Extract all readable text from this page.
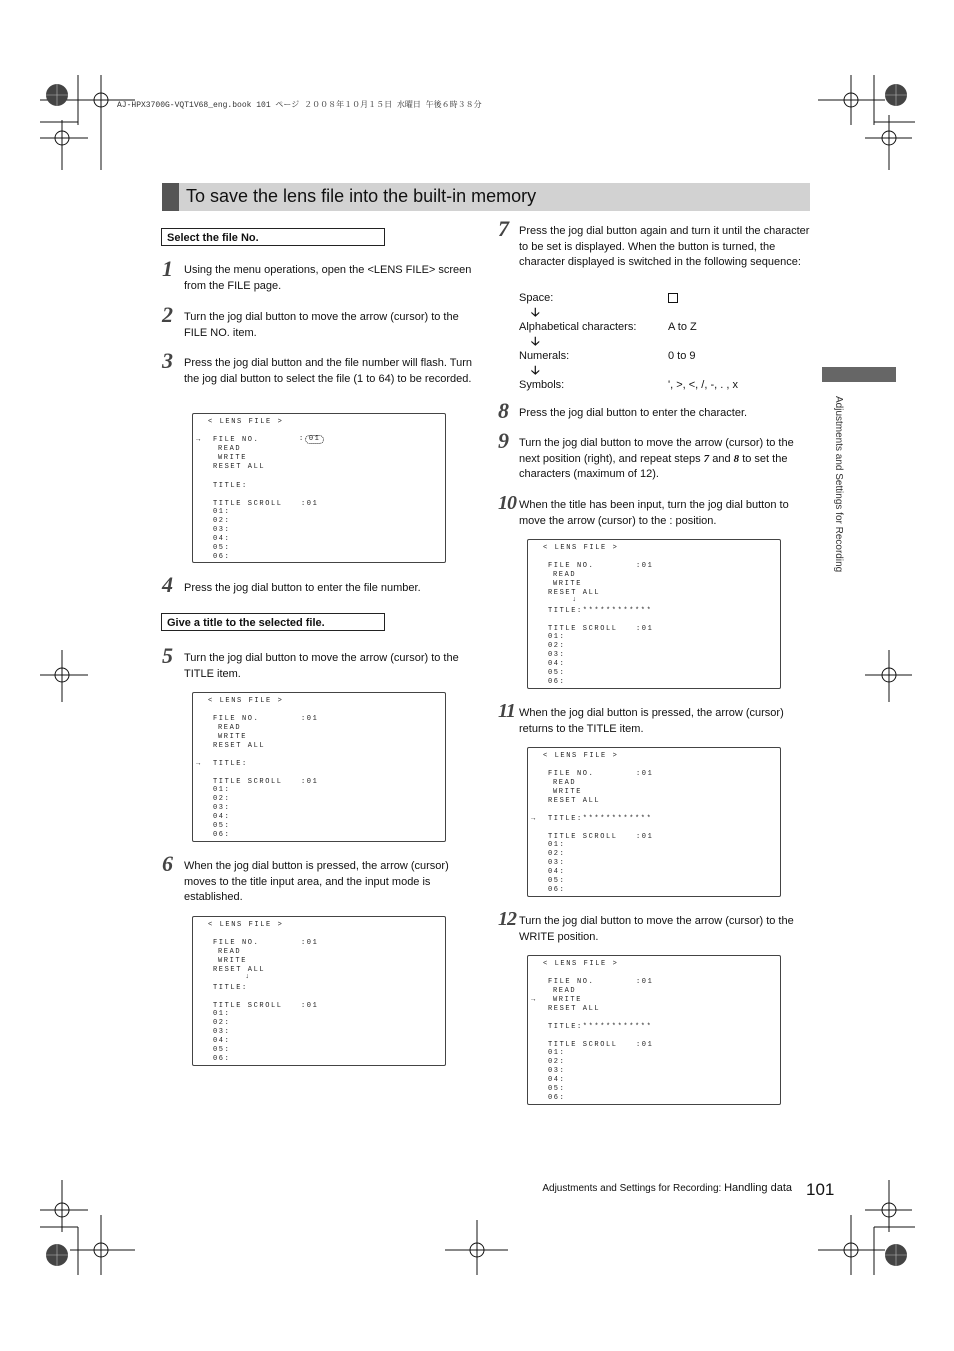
AJ-HPX3700G-VQT1V68_eng.book 101 ページ ２００８年１０月１５日 水曜日 午後６時３８分
To save the lens file into the built-in memory
Select the file No.
1 Using the menu operations, open the <LENS FILE> screen from the FILE page.
2 Turn the jog dial button to move the arrow (cursor) to the FILE NO. item.
3 Press the jog dial button and the file number will flash. Turn the jog dial button to select the file (1 to 64) to be recorded.
< LENS FILE >
→ FILE NO.	: 01
READ
WRITE
RESET ALL
TITLE:
TITLE SCROLL	:01
01:
02:
03:
04:
05:
06:
4 Press the jog dial button to enter the file number.
Give a title to the selected file.
5 Turn the jog dial button to move the arrow (cursor) to the TITLE item.
< LENS FILE >
FILE NO.	:01
READ
WRITE
RESET ALL
→ TITLE:
TITLE SCROLL	:01
01:
02:
03:
04:
05:
06:
6 When the jog dial button is pressed, the arrow (cursor) moves to the title input area, and the input mode is established.
< LENS FILE >
FILE NO.	:01
READ
WRITE
RESET ALL
↓
TITLE:
TITLE SCROLL	:01
01:
02:
03:
04:
05:
06:
7 Press the jog dial button again and turn it until the character to be set is displayed. When the button is turned, the character displayed is switched in the following sequence:
Space:
🡣
Alphabetical characters:	A to Z
🡣
Numerals:	0 to 9
🡣
Symbols:	', >, <, /, -, . , x
8 Press the jog dial button to enter the character.
9 Turn the jog dial button to move the arrow (cursor) to the next position (right), and repeat steps 7 and 8 to set the characters (maximum of 12).
10 When the title has been input, turn the jog dial button to move the arrow (cursor) to the : position.
< LENS FILE >
FILE NO.	:01
READ
WRITE
RESET ALL
↓
TITLE:************
TITLE SCROLL	:01
01:
02:
03:
04:
05:
06:
11 When the jog dial button is pressed, the arrow (cursor) returns to the TITLE item.
< LENS FILE >
FILE NO.	:01
READ
WRITE
RESET ALL
→ TITLE:************
TITLE SCROLL	:01
01:
02:
03:
04:
05:
06:
12 Turn the jog dial button to move the arrow (cursor) to the WRITE position.
< LENS FILE >
FILE NO.	:01
READ
→ WRITE
RESET ALL
TITLE:************
TITLE SCROLL	:01
01:
02:
03:
04:
05:
06:
Adjustments and Settings for Recording
Adjustments and Settings for Recording: Handling data 101
